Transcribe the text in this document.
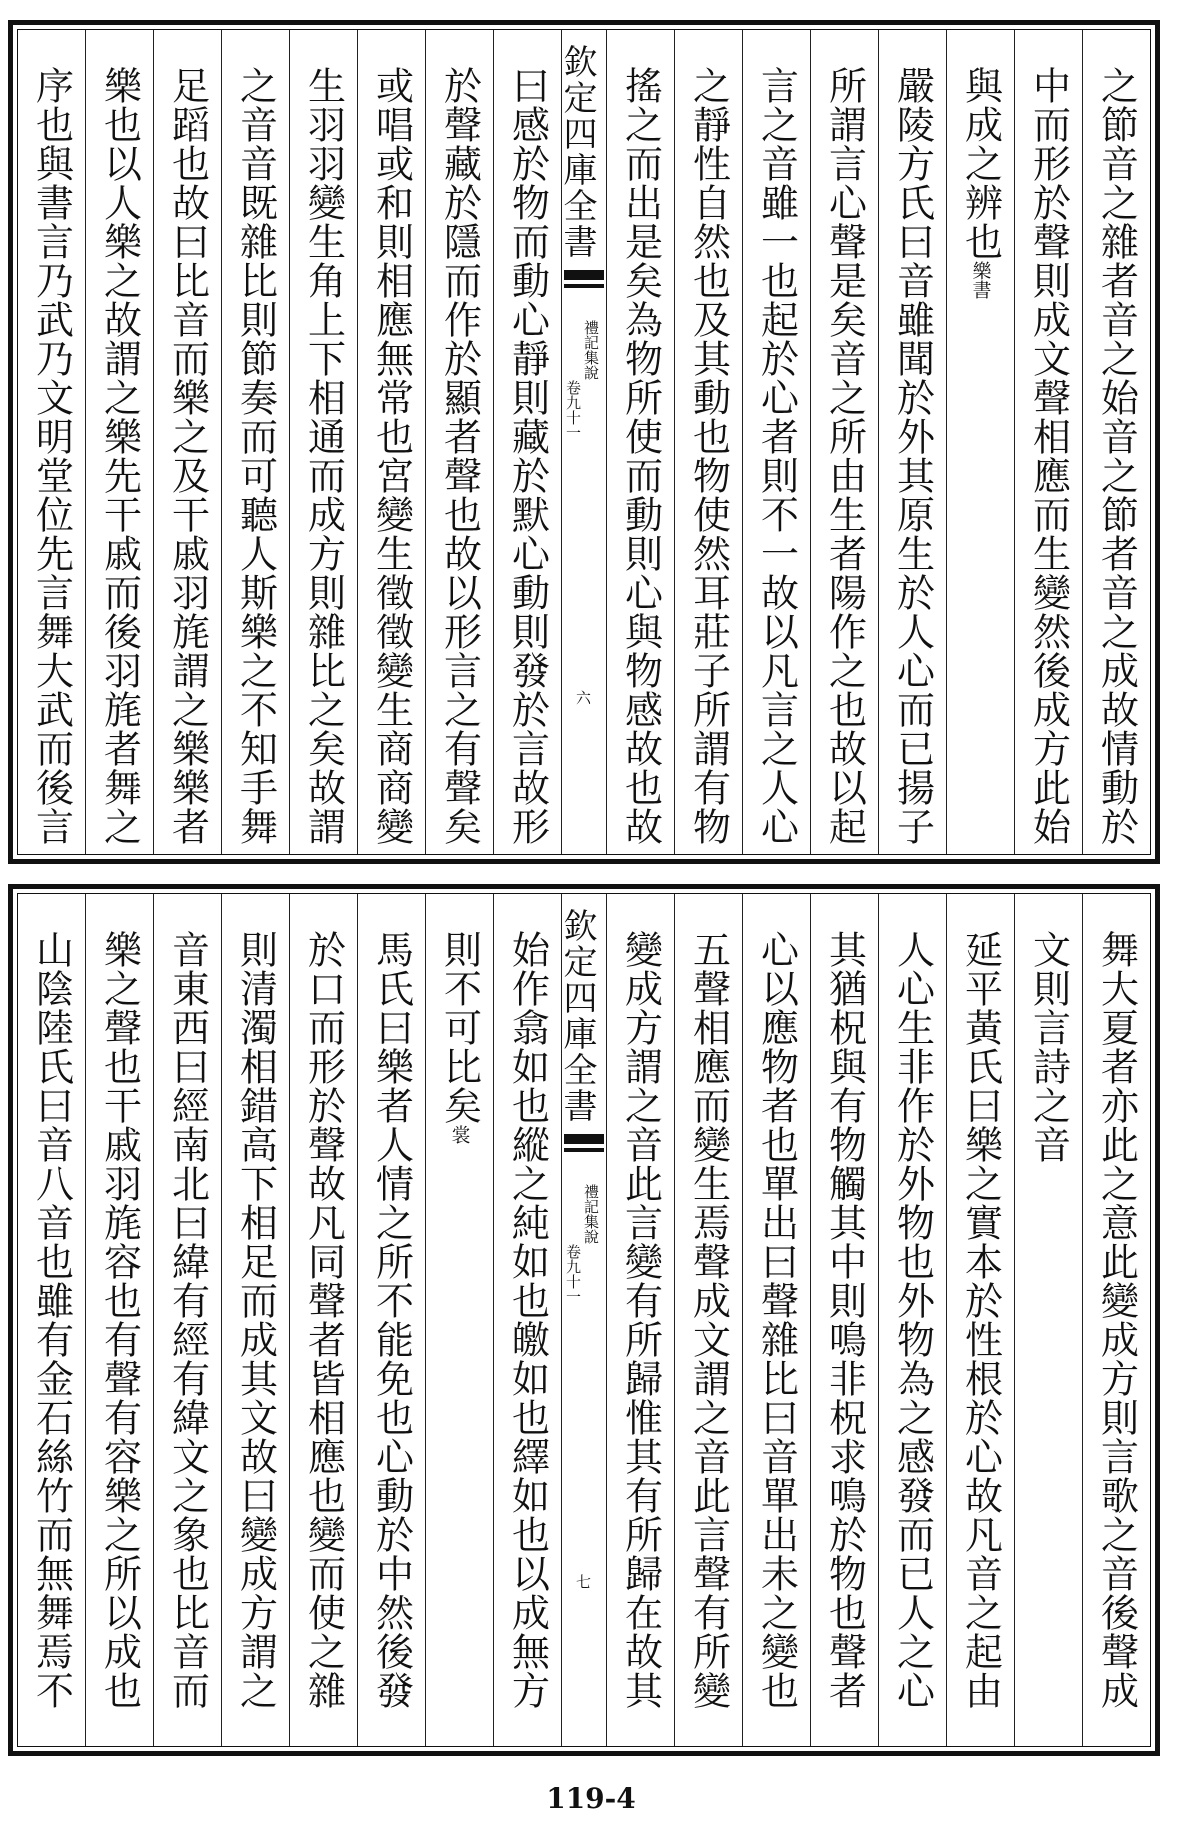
之節音之雜者音之始音之節者音之成故情動於
中而形於聲則成文聲相應而生變然後成方此始
與成之辨也樂書
嚴陵方氏曰音雖聞於外其原生於人心而已揚子
所謂言心聲是矣音之所由生者陽作之也故以起
言之音雖一也起於心者則不一故以凡言之人心
之靜性自然也及其動也物使然耳莊子所謂有物
搖之而出是矣為物所使而動則心與物感故也故
欽定四庫全書
禮記集說
卷九十一
六
曰感於物而動心靜則藏於默心動則發於言故形
於聲藏於隱而作於顯者聲也故以形言之有聲矣
或唱或和則相應無常也宮變生徵徵變生商商變
生羽羽變生角上下相通而成方則雜比之矣故謂
之音音既雜比則節奏而可聽人斯樂之不知手舞
足蹈也故曰比音而樂之及干戚羽旄謂之樂樂者
樂也以人樂之故謂之樂先干戚而後羽旄者舞之
序也與書言乃武乃文明堂位先言舞大武而後言
舞大夏者亦此之意此變成方則言歌之音後聲成
文則言詩之音
延平黃氏曰樂之實本於性根於心故凡音之起由
人心生非作於外物也外物為之感發而已人之心
其猶柷與有物觸其中則鳴非柷求鳴於物也聲者
心以應物者也單出曰聲雜比曰音單出未之變也
五聲相應而變生焉聲成文謂之音此言聲有所變
變成方謂之音此言變有所歸惟其有所歸在故其
欽定四庫全書
禮記集說
卷九十一
七
始作翕如也縱之純如也皦如也繹如也以成無方
則不可比矣裳
馬氏曰樂者人情之所不能免也心動於中然後發
於口而形於聲故凡同聲者皆相應也變而使之雜
則清濁相錯高下相足而成其文故曰變成方謂之
音東西曰經南北曰緯有經有緯文之象也比音而
樂之聲也干戚羽旄容也有聲有容樂之所以成也
山陰陸氏曰音八音也雖有金石絲竹而無舞焉不
119-4
